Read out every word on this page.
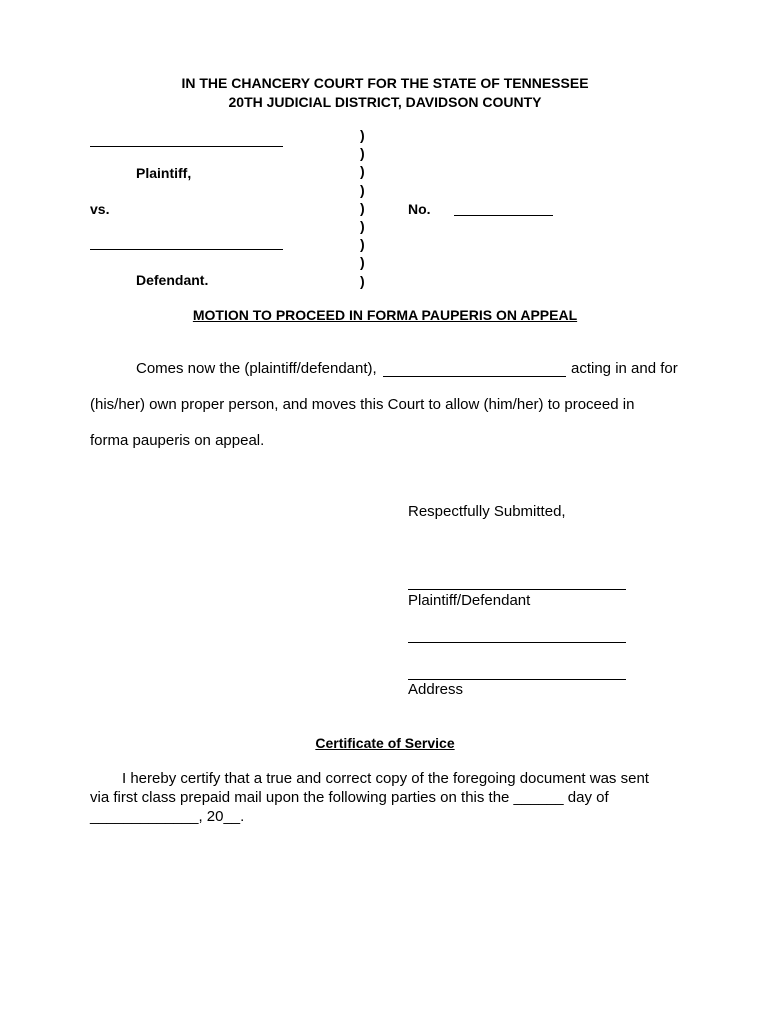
IN THE CHANCERY COURT FOR THE STATE OF TENNESSEE
20TH JUDICIAL DISTRICT, DAVIDSON COUNTY
Plaintiff,
vs.
Defendant.
)
)
)
)
)
)
)
)
)
No.
MOTION TO PROCEED IN FORMA PAUPERIS ON APPEAL
Comes now the (plaintiff/defendant),	acting in and for
(his/her) own proper person, and moves this Court to allow (him/her) to proceed in
forma pauperis on appeal.
Respectfully Submitted,
Plaintiff/Defendant
Address
Certificate of Service
I hereby certify that a true and correct copy of the foregoing document was sent
via first class prepaid mail upon the following parties on this the ______ day of
_____________, 20__.
